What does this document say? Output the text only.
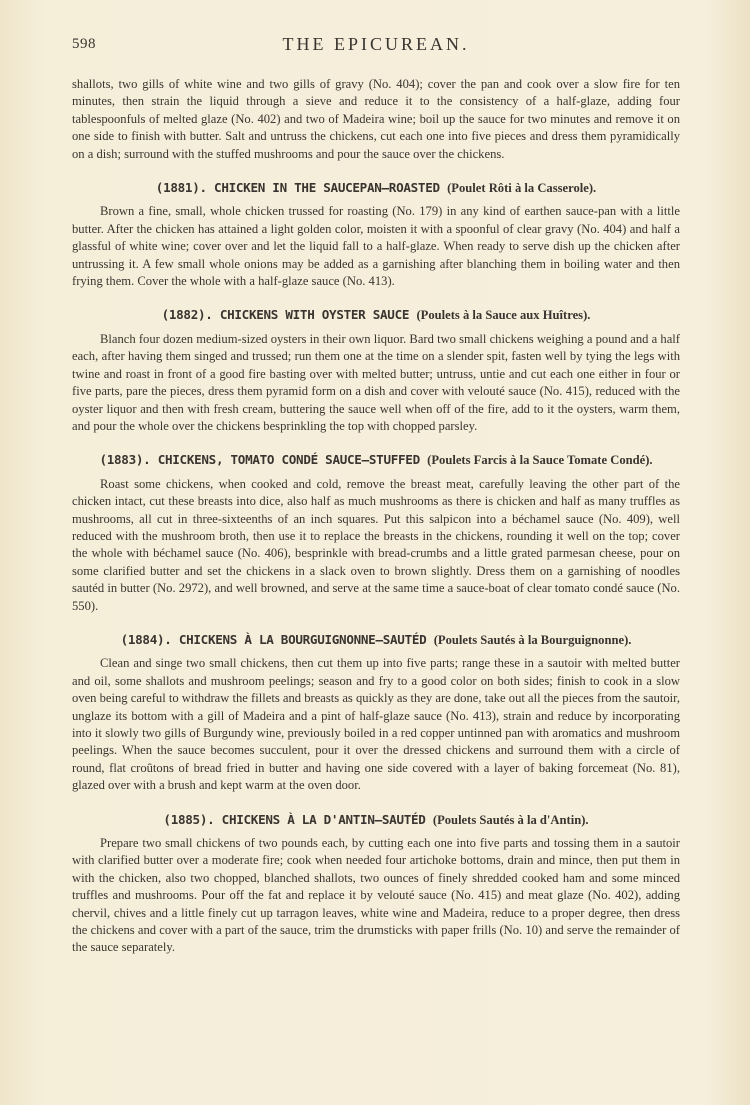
598	THE EPICUREAN.

shallots, two gills of white wine and two gills of gravy (No. 404); cover the pan and cook over a slow fire for ten minutes, then strain the liquid through a sieve and reduce it to the consistency of a half-glaze, adding four tablespoonfuls of melted glaze (No. 402) and two of Madeira wine; boil up the sauce for two minutes and remove it on one side to finish with butter. Salt and untruss the chickens, cut each one into five pieces and dress them pyramidically on a dish; surround with the stuffed mushrooms and pour the sauce over the chickens.

(1881). CHICKEN IN THE SAUCEPAN—ROASTED (Poulet Rôti à la Casserole).

Brown a fine, small, whole chicken trussed for roasting (No. 179) in any kind of earthen sauce-pan with a little butter. After the chicken has attained a light golden color, moisten it with a spoonful of clear gravy (No. 404) and half a glassful of white wine; cover over and let the liquid fall to a half-glaze. When ready to serve dish up the chicken after untrussing it. A few small whole onions may be added as a garnishing after blanching them in boiling water and then frying them. Cover the whole with a half-glaze sauce (No. 413).

(1882). CHICKENS WITH OYSTER SAUCE (Poulets à la Sauce aux Huîtres).

Blanch four dozen medium-sized oysters in their own liquor. Bard two small chickens weighing a pound and a half each, after having them singed and trussed; run them one at the time on a slender spit, fasten well by tying the legs with twine and roast in front of a good fire basting over with melted butter; untruss, untie and cut each one either in four or five parts, pare the pieces, dress them pyramid form on a dish and cover with velouté sauce (No. 415), reduced with the oyster liquor and then with fresh cream, buttering the sauce well when off of the fire, add to it the oysters, warm them, and pour the whole over the chickens besprinkling the top with chopped parsley.

(1883). CHICKENS, TOMATO CONDÉ SAUCE—STUFFED (Poulets Farcis à la Sauce Tomate Condé).

Roast some chickens, when cooked and cold, remove the breast meat, carefully leaving the other part of the chicken intact, cut these breasts into dice, also half as much mushrooms as there is chicken and half as many truffles as mushrooms, all cut in three-sixteenths of an inch squares. Put this salpicon into a béchamel sauce (No. 409), well reduced with the mushroom broth, then use it to replace the breasts in the chickens, rounding it well on the top; cover the whole with béchamel sauce (No. 406), besprinkle with bread-crumbs and a little grated parmesan cheese, pour on some clarified butter and set the chickens in a slack oven to brown slightly. Dress them on a garnishing of noodles sautéd in butter (No. 2972), and well browned, and serve at the same time a sauce-boat of clear tomato condé sauce (No. 550).

(1884). CHICKENS À LA BOURGUIGNONNE—SAUTÉD (Poulets Sautés à la Bourguignonne).

Clean and singe two small chickens, then cut them up into five parts; range these in a sautoir with melted butter and oil, some shallots and mushroom peelings; season and fry to a good color on both sides; finish to cook in a slow oven being careful to withdraw the fillets and breasts as quickly as they are done, take out all the pieces from the sautoir, unglaze its bottom with a gill of Madeira and a pint of half-glaze sauce (No. 413), strain and reduce by incorporating into it slowly two gills of Burgundy wine, previously boiled in a red copper untinned pan with aromatics and mushroom peelings. When the sauce becomes succulent, pour it over the dressed chickens and surround them with a circle of round, flat croûtons of bread fried in butter and having one side covered with a layer of baking forcemeat (No. 81), glazed over with a brush and kept warm at the oven door.

(1885). CHICKENS À LA D'ANTIN—SAUTÉD (Poulets Sautés à la d'Antin).

Prepare two small chickens of two pounds each, by cutting each one into five parts and tossing them in a sautoir with clarified butter over a moderate fire; cook when needed four artichoke bottoms, drain and mince, then put them in with the chicken, also two chopped, blanched shallots, two ounces of finely shredded cooked ham and some minced truffles and mushrooms. Pour off the fat and replace it by velouté sauce (No. 415) and meat glaze (No. 402), adding chervil, chives and a little finely cut up tarragon leaves, white wine and Madeira, reduce to a proper degree, then dress the chickens and cover with a part of the sauce, trim the drumsticks with paper frills (No. 10) and serve the remainder of the sauce separately.
